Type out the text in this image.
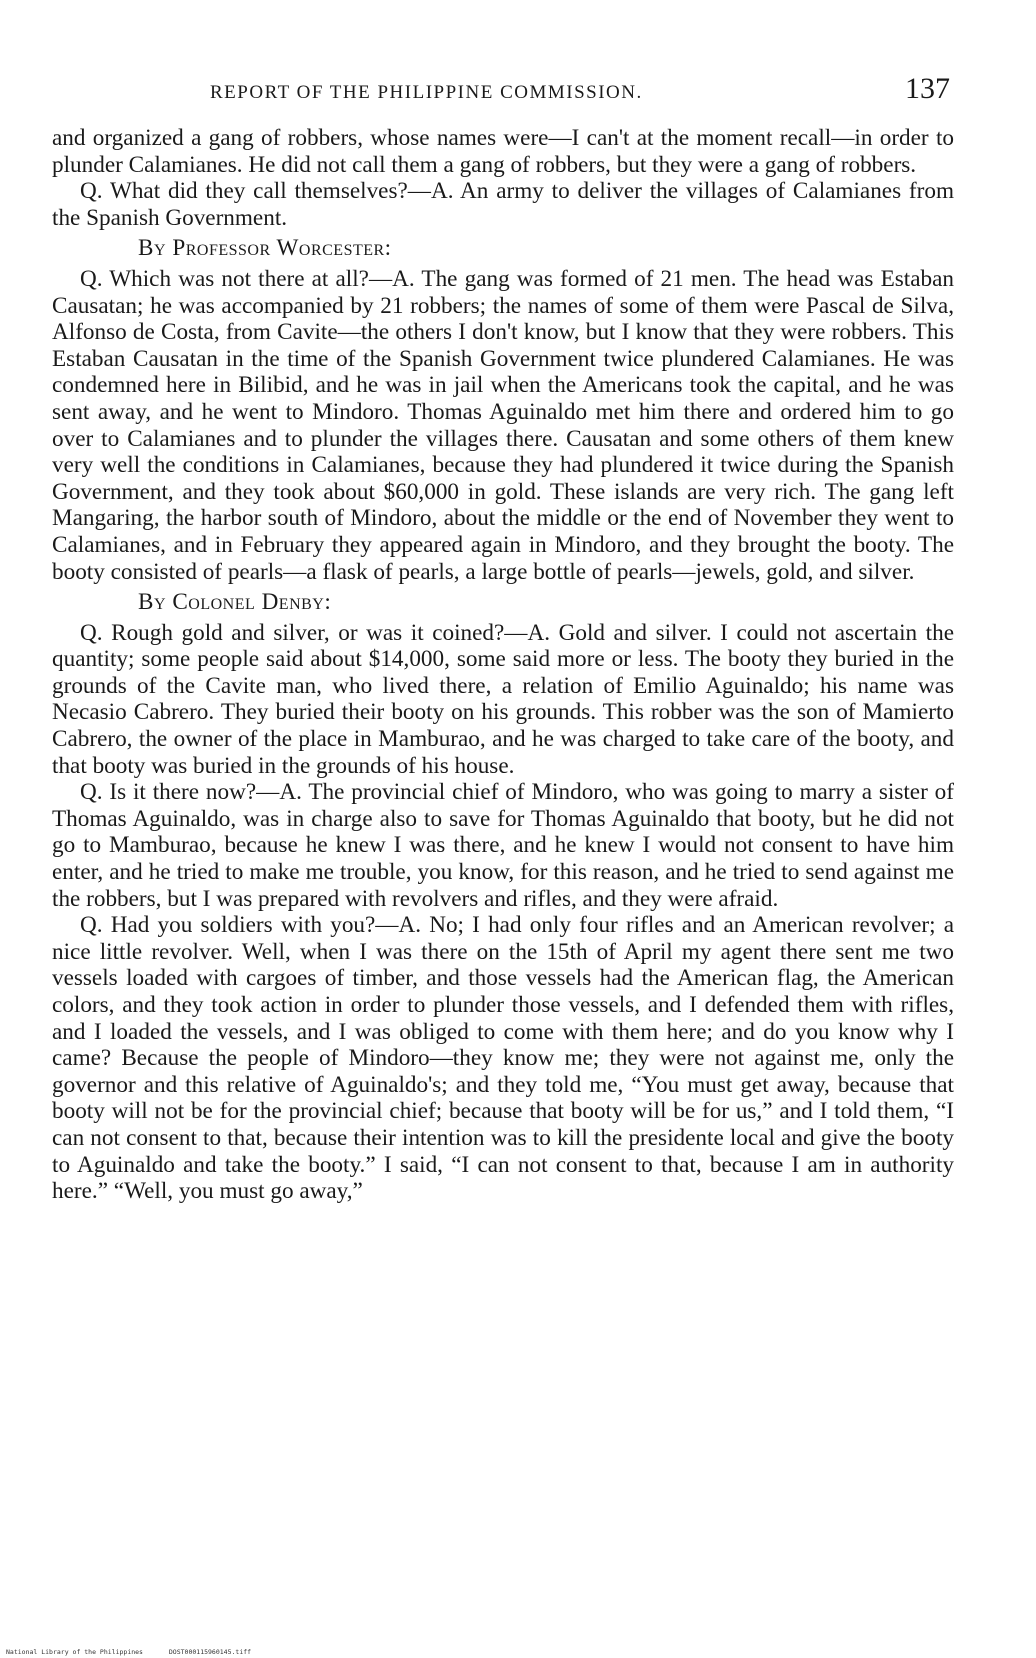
REPORT OF THE PHILIPPINE COMMISSION.	137

and organized a gang of robbers, whose names were—I can't at the moment recall—in order to plunder Calamianes. He did not call them a gang of robbers, but they were a gang of robbers.

Q. What did they call themselves?—A. An army to deliver the villages of Calamianes from the Spanish Government.

By Professor Worcester:

Q. Which was not there at all?—A. The gang was formed of 21 men. The head was Estaban Causatan; he was accompanied by 21 robbers; the names of some of them were Pascal de Silva, Alfonso de Costa, from Cavite—the others I don't know, but I know that they were robbers. This Estaban Causatan in the time of the Spanish Government twice plundered Calamianes. He was condemned here in Bilibid, and he was in jail when the Americans took the capital, and he was sent away, and he went to Mindoro. Thomas Aguinaldo met him there and ordered him to go over to Calamianes and to plunder the villages there. Causatan and some others of them knew very well the conditions in Calamianes, because they had plundered it twice during the Spanish Government, and they took about $60,000 in gold. These islands are very rich. The gang left Mangaring, the harbor south of Mindoro, about the middle or the end of November they went to Calamianes, and in February they appeared again in Mindoro, and they brought the booty. The booty consisted of pearls—a flask of pearls, a large bottle of pearls—jewels, gold, and silver.

By Colonel Denby:

Q. Rough gold and silver, or was it coined?—A. Gold and silver. I could not ascertain the quantity; some people said about $14,000, some said more or less. The booty they buried in the grounds of the Cavite man, who lived there, a relation of Emilio Aguinaldo; his name was Necasio Cabrero. They buried their booty on his grounds. This robber was the son of Mamierto Cabrero, the owner of the place in Mamburao, and he was charged to take care of the booty, and that booty was buried in the grounds of his house.

Q. Is it there now?—A. The provincial chief of Mindoro, who was going to marry a sister of Thomas Aguinaldo, was in charge also to save for Thomas Aguinaldo that booty, but he did not go to Mamburao, because he knew I was there, and he knew I would not consent to have him enter, and he tried to make me trouble, you know, for this reason, and he tried to send against me the robbers, but I was prepared with revolvers and rifles, and they were afraid.

Q. Had you soldiers with you?—A. No; I had only four rifles and an American revolver; a nice little revolver. Well, when I was there on the 15th of April my agent there sent me two vessels loaded with cargoes of timber, and those vessels had the American flag, the American colors, and they took action in order to plunder those vessels, and I defended them with rifles, and I loaded the vessels, and I was obliged to come with them here; and do you know why I came? Because the people of Mindoro—they know me; they were not against me, only the governor and this relative of Aguinaldo's; and they told me, “You must get away, because that booty will not be for the provincial chief; because that booty will be for us,” and I told them, “I can not consent to that, because their intention was to kill the presidente local and give the booty to Aguinaldo and take the booty.” I said, “I can not consent to that, because I am in authority here.” “Well, you must go away,”

National Library of the Philippines	DOST000115960145.tiff
